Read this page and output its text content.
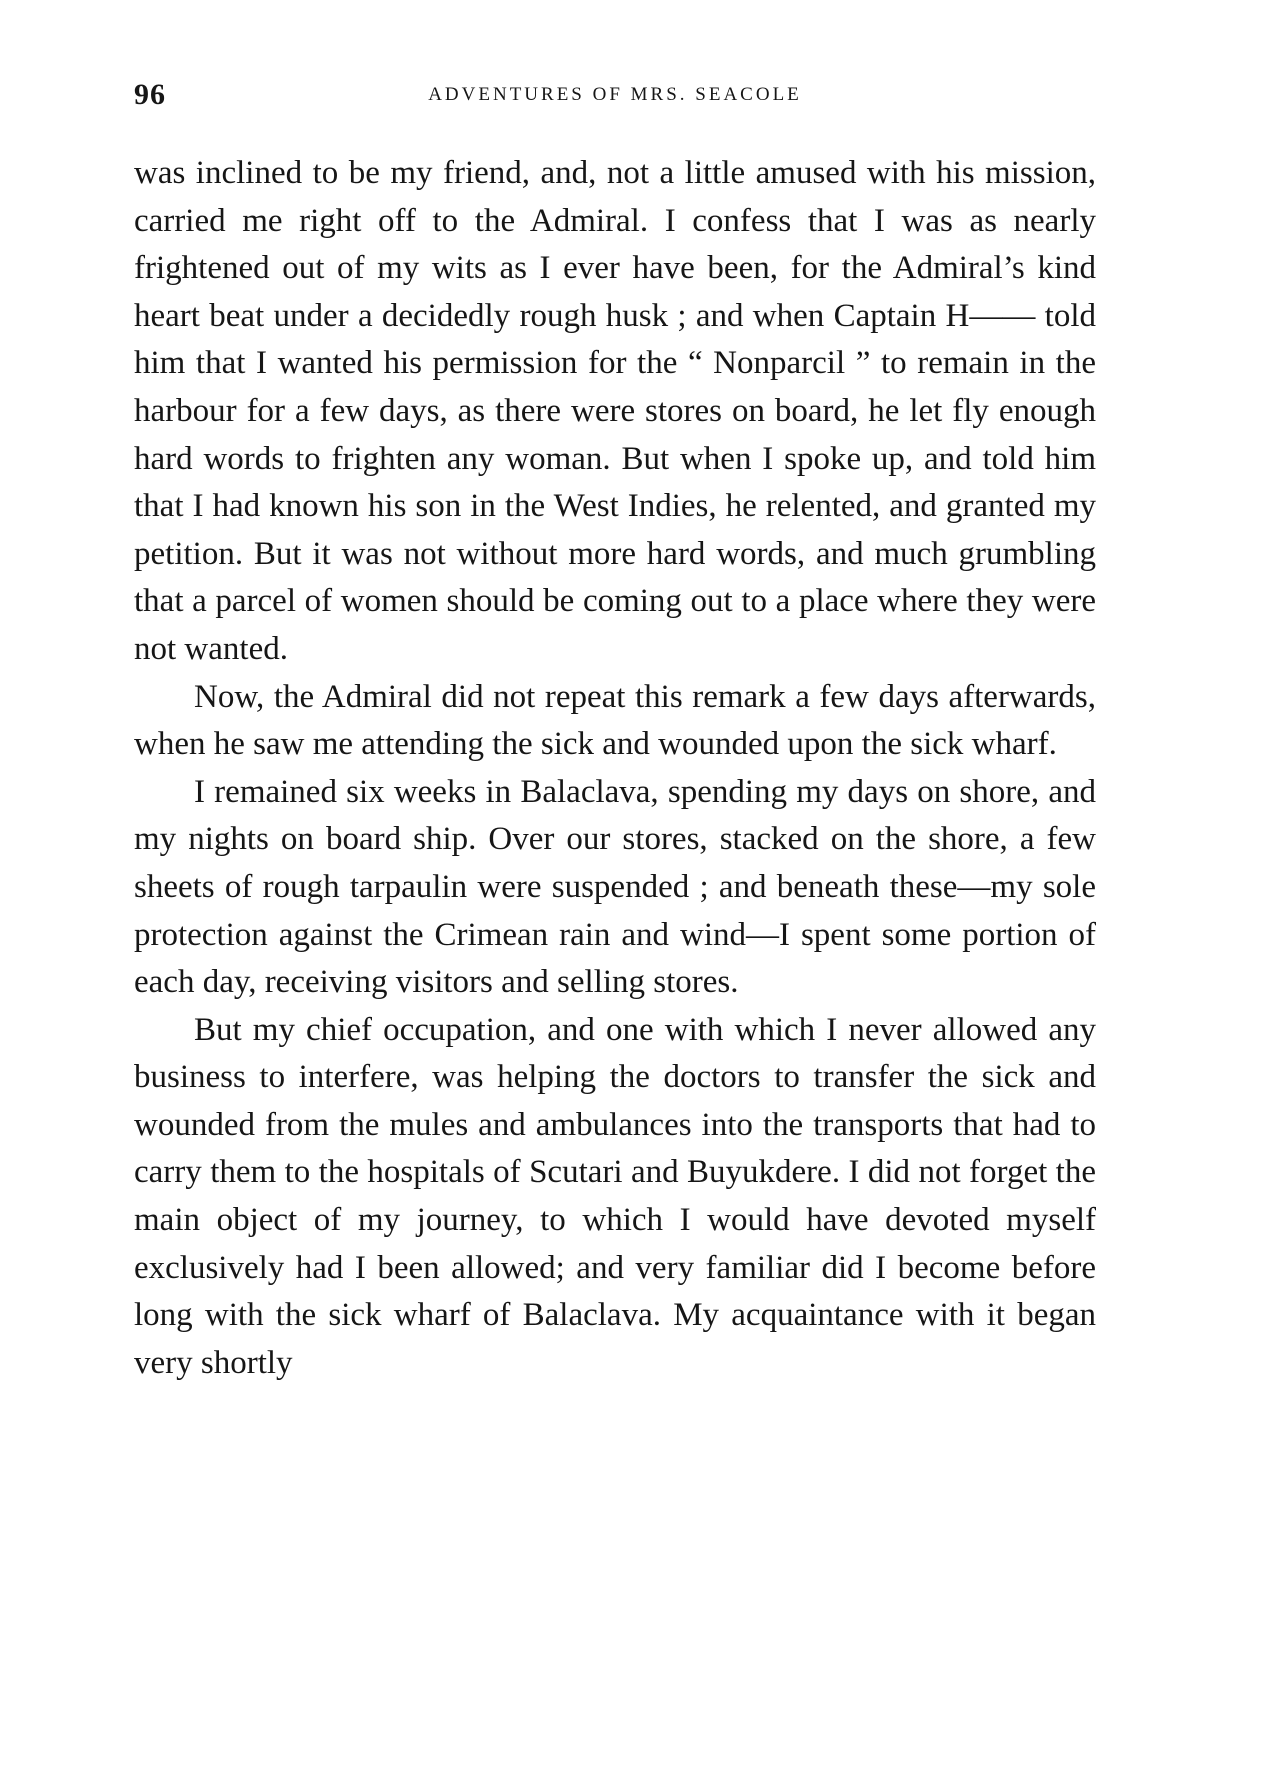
96	ADVENTURES OF MRS. SEACOLE

was inclined to be my friend, and, not a little amused with his mission, carried me right off to the Admiral. I confess that I was as nearly frightened out of my wits as I ever have been, for the Admiral’s kind heart beat under a decidedly rough husk ; and when Captain H—— told him that I wanted his permission for the “ Nonparcil ” to remain in the harbour for a few days, as there were stores on board, he let fly enough hard words to frighten any woman. But when I spoke up, and told him that I had known his son in the West Indies, he relented, and granted my petition. But it was not without more hard words, and much grumbling that a parcel of women should be coming out to a place where they were not wanted.

Now, the Admiral did not repeat this remark a few days afterwards, when he saw me attending the sick and wounded upon the sick wharf.

I remained six weeks in Balaclava, spending my days on shore, and my nights on board ship. Over our stores, stacked on the shore, a few sheets of rough tarpaulin were suspended ; and beneath these—my sole protection against the Crimean rain and wind—I spent some portion of each day, receiving visitors and selling stores.

But my chief occupation, and one with which I never allowed any business to interfere, was helping the doctors to transfer the sick and wounded from the mules and ambulances into the transports that had to carry them to the hospitals of Scutari and Buyukdere. I did not forget the main object of my journey, to which I would have devoted myself exclusively had I been allowed; and very familiar did I become before long with the sick wharf of Balaclava. My acquaintance with it began very shortly
